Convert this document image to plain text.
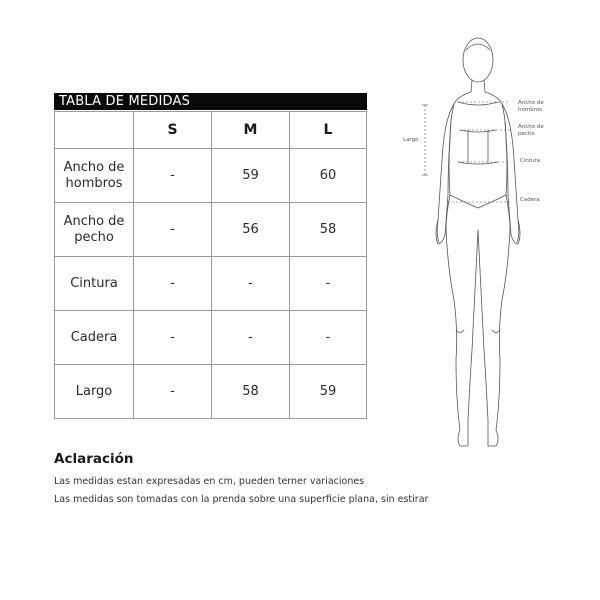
TABLA DE MEDIDAS
	S	M	L
Ancho de hombros	-	59	60
Ancho de pecho	-	56	58
Cintura	-	-	-
Cadera	-	-	-
Largo	-	58	59
Aclaración
Las medidas estan expresadas en cm, pueden terner variaciones
Las medidas son tomadas con la prenda sobre una superficie plana, sin estirar
Ancho de hombros
Ancho de pecho
Cintura
Cadera
Largo
